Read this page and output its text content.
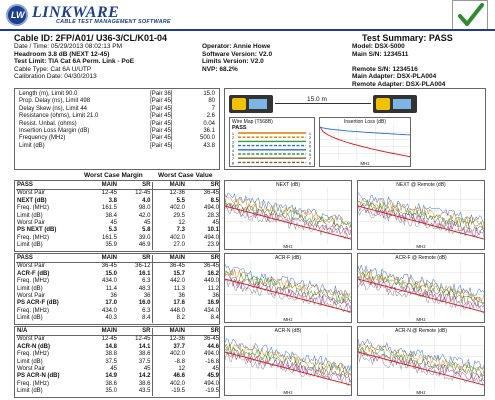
LW LINKWARE
CABLE TEST MANAGEMENT SOFTWARE
Cable ID: 2FP/A01/ U36-3/CL/K01-04	Test Summary: PASS
Date / Time: 05/29/2013 08:02:13 PM
Headroom 3.8 dB (NEXT 12-45)
Test Limit: TIA Cat 6A Perm. Link - PoE
Cable Type: Cat 6A U/UTP
Calibration Date: 04/30/2013
Operator: Annie Howe
Software Version: V2.0
Limits Version: V2.0
NVP: 68.2%
Model: DSX-5000
Main S/N: 1234511
Remote S/N: 1234516
Main Adapter: DSX-PLA004
Remote Adapter: DSX-PLA004
Length (m), Limit 90.0	[Pair 36]	15.0
Prop. Delay (ns), Limit 498	[Pair 45]	80
Delay Skew (ns), Limit 44	[Pair 45]	7
Resistance (ohms), Limit 21.0	[Pair 45]	2.6
Resist. Unbal. (ohms)	[Pair 45]	0.04

Insertion Loss Margin (dB)	[Pair 45]	36.1
Frequency (MHz)	[Pair 45]	500.0
Limit (dB)	[Pair 45]	43.8
15.0 m
Wire Map (T568B)
PASS
1	1
2	2
3	3
6	6
4	4
5	5
7	7
8	8
Insertion Loss (dB)
MHz
Worst Case Margin Worst Case Value
PASS	MAIN	SR	MAIN	SR
Worst Pair	12-45	12-45	12-36	36-45
NEXT (dB)	3.8	4.0	5.5	8.5
Freq. (MHz)	161.5	98.0	402.0	494.0
Limit (dB)	38.4	42.0	29.5	28.3
Worst Pair	45	45	12	45
PS NEXT (dB)	5.3	5.8	7.3	10.1
Freq. (MHz)	161.5	39.0	402.0	494.0
Limit (dB)	35.9	46.9	27.0	23.9
PASS	MAIN	SR	MAIN	SR
Worst Pair	36-45	36-12	36-45	36-45
ACR-F (dB)	15.0	16.1	15.7	16.2
Freq. (MHz)	434.0	6.3	442.0	449.0
Limit (dB)	11.4	48.3	11.3	11.2
Worst Pair	36	36	36	36
PS ACR-F (dB)	17.0	16.0	17.6	16.9
Freq. (MHz)	434.0	6.3	448.0	434.0
Limit (dB)	40.3	8.4	8.2	8.4
N/A	MAIN	SR	MAIN	SR
Worst Pair	12-45	12-45	12-36	36-45
ACR-N (dB)	14.8	14.1	37.7	44.6
Freq. (MHz)	38.8	38.6	402.0	494.0
Limit (dB)	37.5	37.5	-8.8	-16.8
Worst Pair	45	45	12	45
PS ACR-N (dB)	14.9	14.2	46.6	45.9
Freq. (MHz)	38.6	38.6	402.0	494.0
Limit (dB)	35.0	43.5	-19.5	-19.5
NEXT (dB)
MHz
NEXT @ Remote (dB)
MHz
ACR-F (dB)
MHz
ACR-F @ Remote (dB)
MHz
ACR-N (dB)
MHz
ACR-N @ Remote (dB)
MHz
